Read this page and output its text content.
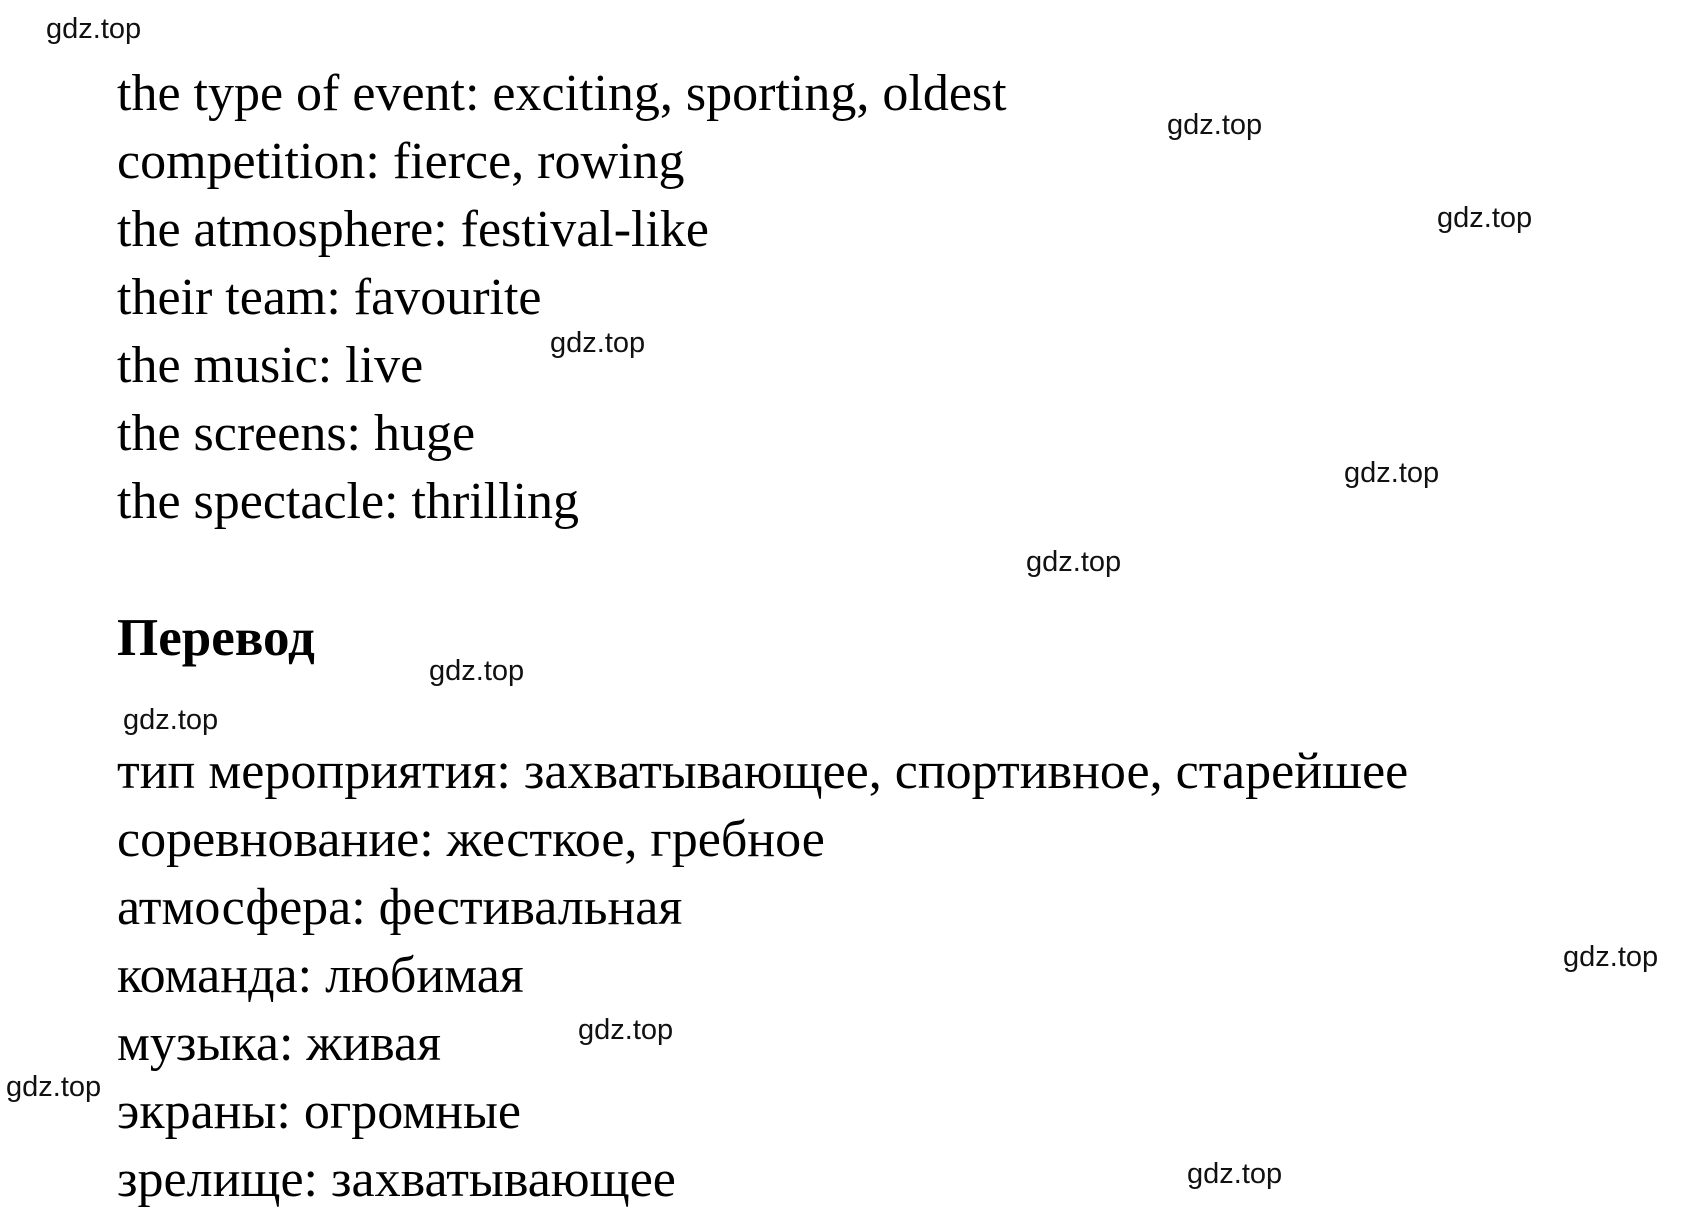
the type of event: exciting, sporting, oldest
competition: fierce, rowing
the atmosphere: festival-like
their team: favourite
the music: live
the screens: huge
the spectacle: thrilling
Перевод
тип мероприятия: захватывающее, спортивное, старейшее
соревнование: жесткое, гребное
атмосфера: фестивальная
команда: любимая
музыка: живая
экраны: огромные
зрелище: захватывающее
gdz.top
gdz.top
gdz.top
gdz.top
gdz.top
gdz.top
gdz.top
gdz.top
gdz.top
gdz.top
gdz.top
gdz.top
